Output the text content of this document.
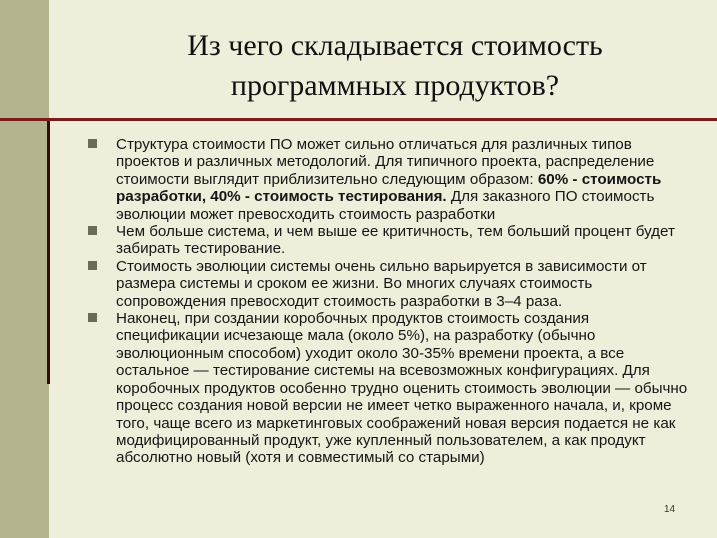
Из чего складывается стоимость
программных продуктов?
Структура стоимости ПО может сильно отличаться для различных типов проектов и различных методологий. Для типичного проекта, распределение стоимости выглядит приблизительно следующим образом: 60% - стоимость разработки, 40% - стоимость тестирования. Для заказного ПО стоимость эволюции может превосходить стоимость разработки
Чем больше система, и чем выше ее критичность, тем больший процент будет забирать тестирование.
Стоимость эволюции системы очень сильно варьируется в зависимости от размера системы и сроком ее жизни. Во многих случаях стоимость сопровождения превосходит стоимость разработки в 3–4 раза.
Наконец, при создании коробочных продуктов стоимость создания спецификации исчезающе мала (около 5%), на разработку (обычно эволюционным способом) уходит около 30-35% времени проекта, а все остальное — тестирование системы на всевозможных конфигурациях. Для коробочных продуктов особенно трудно оценить стоимость эволюции — обычно процесс создания новой версии не имеет четко выраженного начала, и, кроме того, чаще всего из маркетинговых соображений новая версия подается не как модифицированный продукт, уже купленный пользователем, а как продукт абсолютно новый (хотя и совместимый со старыми)
14
